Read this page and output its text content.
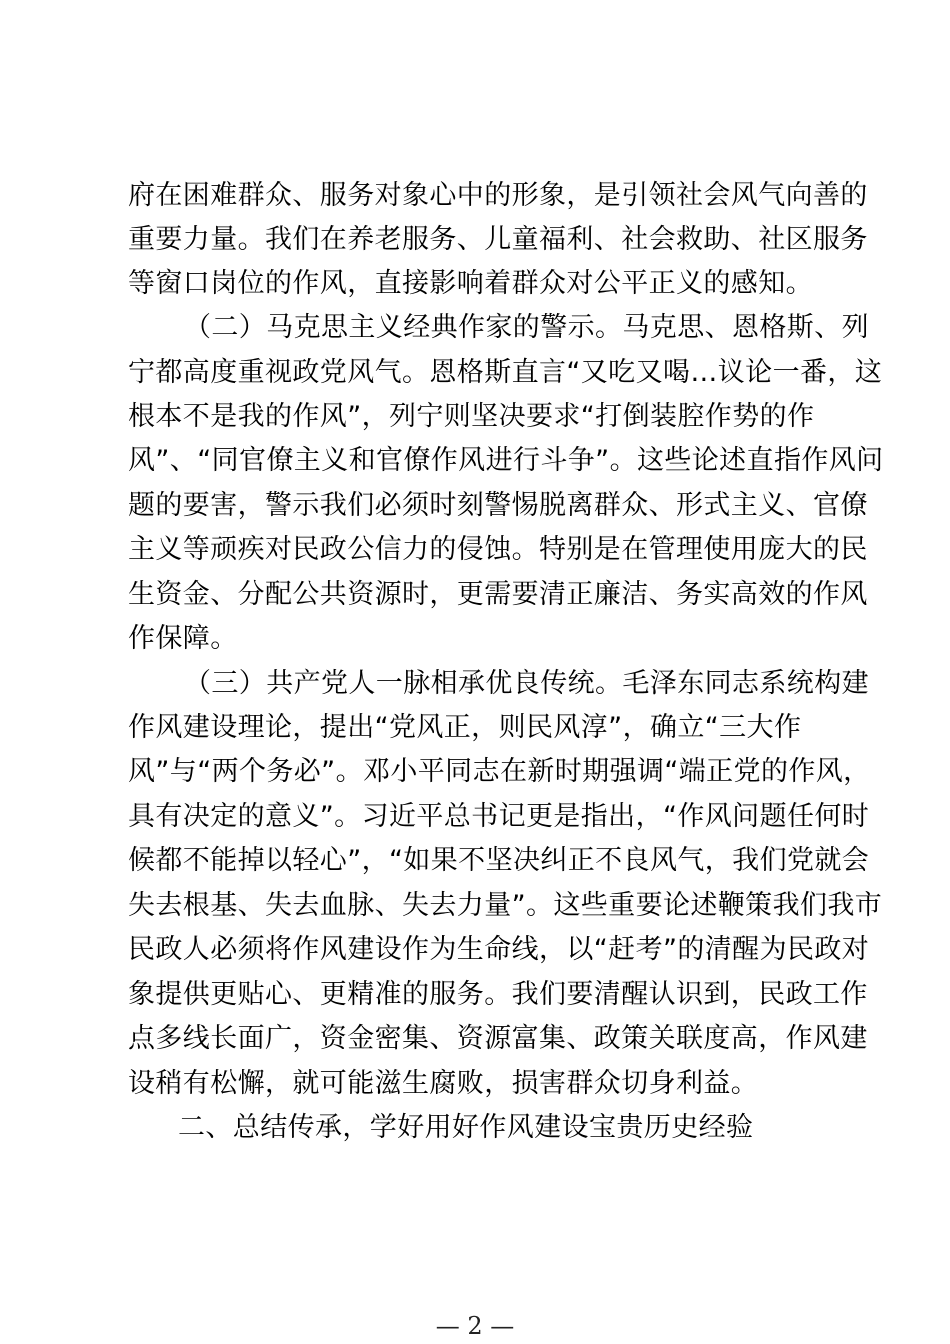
府在困难群众、服务对象心中的形象，是引领社会风气向善的
重要力量。我们在养老服务、儿童福利、社会救助、社区服务
等窗口岗位的作风，直接影响着群众对公平正义的感知。
（二）马克思主义经典作家的警示。马克思、恩格斯、列
宁都高度重视政党风气。恩格斯直言“又吃又喝…议论一番，这
根本不是我的作风”，列宁则坚决要求“打倒装腔作势的作
风”、“同官僚主义和官僚作风进行斗争”。这些论述直指作风问
题的要害，警示我们必须时刻警惕脱离群众、形式主义、官僚
主义等顽疾对民政公信力的侵蚀。特别是在管理使用庞大的民
生资金、分配公共资源时，更需要清正廉洁、务实高效的作风
作保障。
（三）共产党人一脉相承优良传统。毛泽东同志系统构建
作风建设理论，提出“党风正，则民风淳”，确立“三大作
风”与“两个务必”。邓小平同志在新时期强调“端正党的作风，
具有决定的意义”。习近平总书记更是指出，“作风问题任何时
候都不能掉以轻心”，“如果不坚决纠正不良风气，我们党就会
失去根基、失去血脉、失去力量”。这些重要论述鞭策我们我市
民政人必须将作风建设作为生命线，以“赶考”的清醒为民政对
象提供更贴心、更精准的服务。我们要清醒认识到，民政工作
点多线长面广，资金密集、资源富集、政策关联度高，作风建
设稍有松懈，就可能滋生腐败，损害群众切身利益。
二、总结传承，学好用好作风建设宝贵历史经验
— 2 —
